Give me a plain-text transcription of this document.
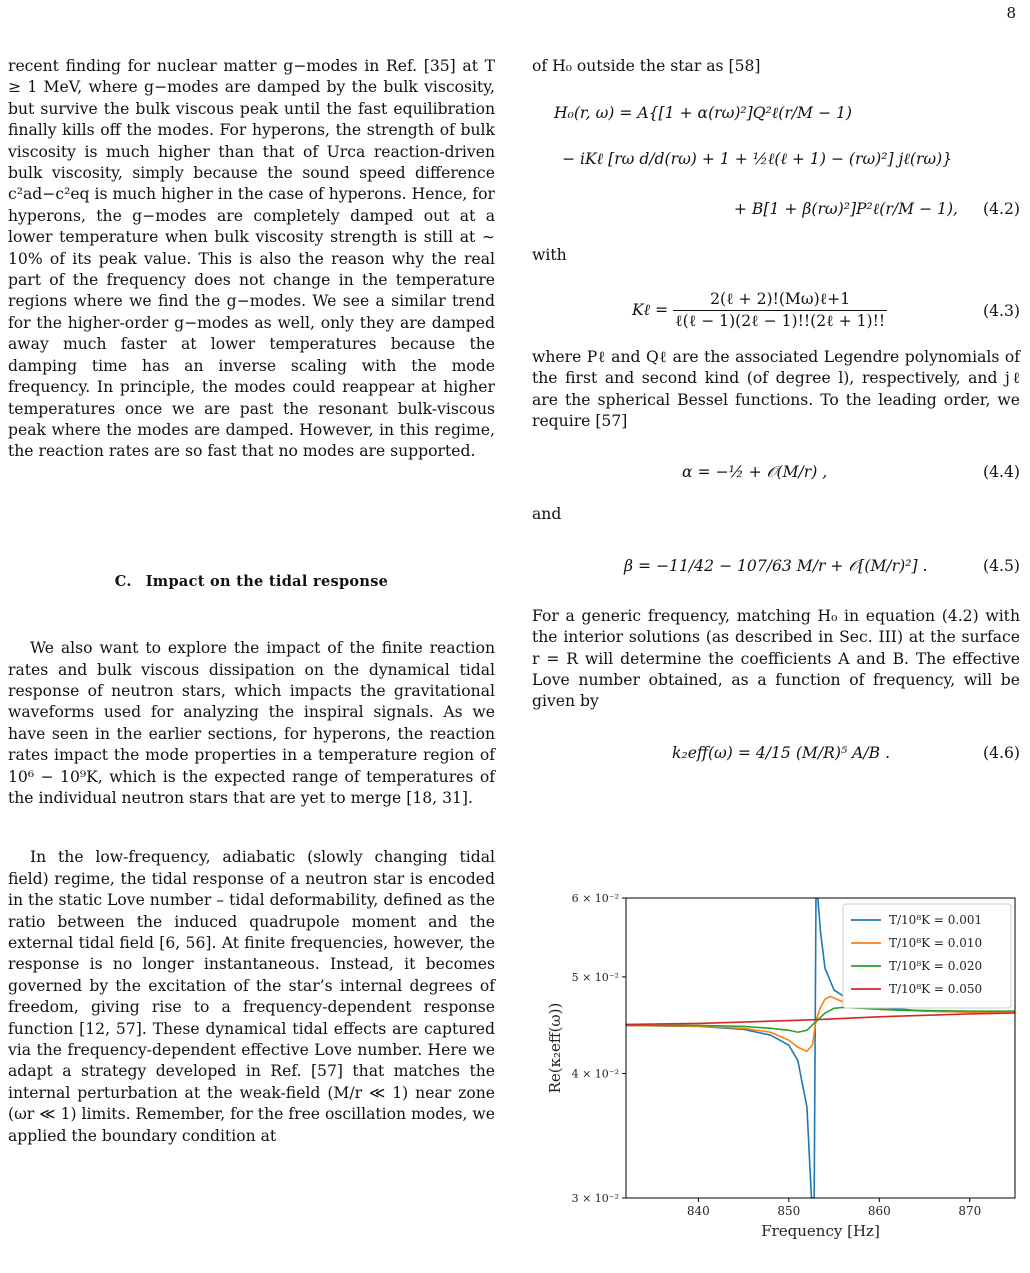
8

recent finding for nuclear matter g−modes in Ref. [35] at T ≥ 1 MeV, where g−modes are damped by the bulk viscosity, but survive the bulk viscous peak until the fast equilibration finally kills off the modes. For hyperons, the strength of bulk viscosity is much higher than that of Urca reaction-driven bulk viscosity, simply because the sound speed difference c²ad−c²eq is much higher in the case of hyperons. Hence, for hyperons, the g−modes are completely damped out at a lower temperature when bulk viscosity strength is still at ∼ 10% of its peak value. This is also the reason why the real part of the frequency does not change in the temperature regions where we find the g−modes. We see a similar trend for the higher-order g−modes as well, only they are damped away much faster at lower temperatures because the damping time has an inverse scaling with the mode frequency. In principle, the modes could reappear at higher temperatures once we are past the resonant bulk-viscous peak where the modes are damped. However, in this regime, the reaction rates are so fast that no modes are supported.

C. Impact on the tidal response

We also want to explore the impact of the finite reaction rates and bulk viscous dissipation on the dynamical tidal response of neutron stars, which impacts the gravitational waveforms used for analyzing the inspiral signals. As we have seen in the earlier sections, for hyperons, the reaction rates impact the mode properties in a temperature region of 10⁶ − 10⁹K, which is the expected range of temperatures of the individual neutron stars that are yet to merge [18, 31].

In the low-frequency, adiabatic (slowly changing tidal field) regime, the tidal response of a neutron star is encoded in the static Love number – tidal deformability, defined as the ratio between the induced quadrupole moment and the external tidal field [6, 56]. At finite frequencies, however, the response is no longer instantaneous. Instead, it becomes governed by the excitation of the star’s internal degrees of freedom, giving rise to a frequency-dependent response function [12, 57]. These dynamical tidal effects are captured via the frequency-dependent effective Love number. Here we adapt a strategy developed in Ref. [57] that matches the internal perturbation at the weak-field (M/r ≪ 1) near zone (ωr ≪ 1) limits. Remember, for the free oscillation modes, we applied the boundary condition at

of H₀ outside the star as [58]

H₀(r, ω) = A{[1 + α(rω)²]Q²ℓ(r/M − 1)
− iKℓ [rω d/d(rω) + 1 + ½ℓ(ℓ + 1) − (rω)²] jℓ(rω)}
+ B[1 + β(rω)²]P²ℓ(r/M − 1), (4.2)

with

Kℓ = $\frac{\text{2(ℓ + 2)!(Mω)ℓ+1}}{\text{ℓ(ℓ − 1)(2ℓ − 1)!!(2ℓ + 1)!!}}$	(4.3)

where Pℓ and Qℓ are the associated Legendre polynomials of the first and second kind (of degree l), respectively, and jℓ are the spherical Bessel functions. To the leading order, we require [57]

α = −½ + 𝒪(M/r) ,	(4.4)

and

β = −11/42 − 107/63 M/r + 𝒪[(M/r)²] .	(4.5)

For a generic frequency, matching H₀ in equation (4.2) with the interior solutions (as described in Sec. III) at the surface r = R will determine the coefficients A and B. The effective Love number obtained, as a function of frequency, will be given by

k₂eff(ω) = 4/15 (M/R)⁵ A/B .	(4.6)
840	850	860	870
6 × 10⁻²
5 × 10⁻²
4 × 10⁻²
3 × 10⁻²
Frequency [Hz]
Re(κ₂eff(ω))
T/10⁸K = 0.001
T/10⁸K = 0.010
T/10⁸K = 0.020
T/10⁸K = 0.050
